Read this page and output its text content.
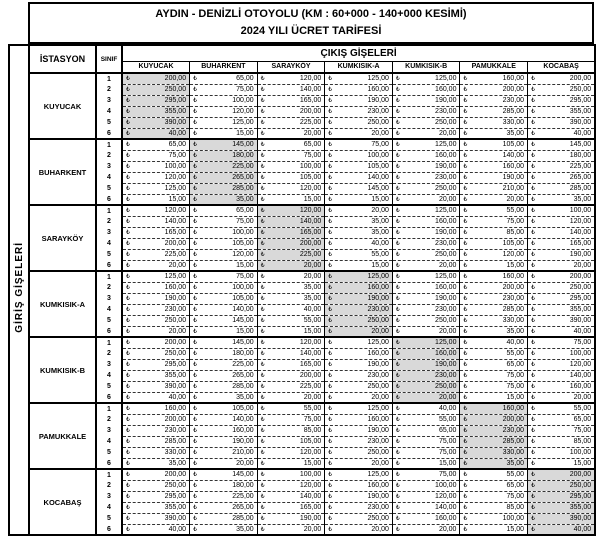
AYDIN - DENİZLİ OTOYOLU (KM : 60+000 - 140+000 KESİMİ)
2024 YILI ÜCRET TARİFESİ
GİRİŞ GİŞELERİ	İSTASYON	SINIF	ÇIKIŞ GİŞELERİ						
			KUYUCAK	BUHARKENT	SARAYKÖY	KUMKISIK-A	KUMKISIK-B	PAMUKKALE	KOCABAŞ
	KUYUCAK	1	₺ 200,00	₺ 65,00	₺ 120,00	₺ 125,00	₺ 125,00	₺ 160,00	₺ 200,00

		2	₺ 250,00	₺ 75,00	₺ 140,00	₺ 160,00	₺ 160,00	₺ 200,00	₺ 250,00

		3	₺ 295,00	₺ 100,00	₺ 165,00	₺ 190,00	₺ 190,00	₺ 230,00	₺ 295,00

		4	₺ 355,00	₺ 120,00	₺ 200,00	₺ 230,00	₺ 230,00	₺ 285,00	₺ 355,00

		5	₺ 390,00	₺ 125,00	₺ 225,00	₺ 250,00	₺ 250,00	₺ 330,00	₺ 390,00

		6	₺ 40,00	₺ 15,00	₺ 20,00	₺ 20,00	₺ 20,00	₺ 35,00	₺ 40,00

	BUHARKENT	1	₺ 65,00	₺ 145,00	₺ 65,00	₺ 75,00	₺ 125,00	₺ 105,00	₺ 145,00

		2	₺ 75,00	₺ 180,00	₺ 75,00	₺ 100,00	₺ 160,00	₺ 140,00	₺ 180,00

		3	₺ 100,00	₺ 225,00	₺ 100,00	₺ 105,00	₺ 190,00	₺ 160,00	₺ 225,00

		4	₺ 120,00	₺ 265,00	₺ 105,00	₺ 140,00	₺ 230,00	₺ 190,00	₺ 265,00

		5	₺ 125,00	₺ 285,00	₺ 120,00	₺ 145,00	₺ 250,00	₺ 210,00	₺ 285,00

		6	₺ 15,00	₺ 35,00	₺ 15,00	₺ 15,00	₺ 20,00	₺ 20,00	₺ 35,00

	SARAYKÖY	1	₺ 120,00	₺ 65,00	₺ 120,00	₺ 20,00	₺ 125,00	₺ 55,00	₺ 100,00

		2	₺ 140,00	₺ 75,00	₺ 140,00	₺ 35,00	₺ 160,00	₺ 75,00	₺ 120,00

		3	₺ 165,00	₺ 100,00	₺ 165,00	₺ 35,00	₺ 190,00	₺ 85,00	₺ 140,00

		4	₺ 200,00	₺ 105,00	₺ 200,00	₺ 40,00	₺ 230,00	₺ 105,00	₺ 165,00

		5	₺ 225,00	₺ 120,00	₺ 225,00	₺ 55,00	₺ 250,00	₺ 120,00	₺ 190,00

		6	₺ 20,00	₺ 15,00	₺ 20,00	₺ 15,00	₺ 20,00	₺ 15,00	₺ 20,00

	KUMKISIK-A	1	₺ 125,00	₺ 75,00	₺ 20,00	₺ 125,00	₺ 125,00	₺ 160,00	₺ 200,00

		2	₺ 160,00	₺ 100,00	₺ 35,00	₺ 160,00	₺ 160,00	₺ 200,00	₺ 250,00

		3	₺ 190,00	₺ 105,00	₺ 35,00	₺ 190,00	₺ 190,00	₺ 230,00	₺ 295,00

		4	₺ 230,00	₺ 140,00	₺ 40,00	₺ 230,00	₺ 230,00	₺ 285,00	₺ 355,00

		5	₺ 250,00	₺ 145,00	₺ 55,00	₺ 250,00	₺ 250,00	₺ 330,00	₺ 390,00

		6	₺ 20,00	₺ 15,00	₺ 15,00	₺ 20,00	₺ 20,00	₺ 35,00	₺ 40,00

	KUMKISIK-B	1	₺ 200,00	₺ 145,00	₺ 120,00	₺ 125,00	₺ 125,00	₺ 40,00	₺ 75,00

		2	₺ 250,00	₺ 180,00	₺ 140,00	₺ 160,00	₺ 160,00	₺ 55,00	₺ 100,00

		3	₺ 295,00	₺ 225,00	₺ 165,00	₺ 190,00	₺ 190,00	₺ 65,00	₺ 120,00

		4	₺ 355,00	₺ 265,00	₺ 200,00	₺ 230,00	₺ 230,00	₺ 75,00	₺ 140,00

		5	₺ 390,00	₺ 285,00	₺ 225,00	₺ 250,00	₺ 250,00	₺ 75,00	₺ 160,00

		6	₺ 40,00	₺ 35,00	₺ 20,00	₺ 20,00	₺ 20,00	₺ 15,00	₺ 20,00

	PAMUKKALE	1	₺ 160,00	₺ 105,00	₺ 55,00	₺ 125,00	₺ 40,00	₺ 160,00	₺ 55,00

		2	₺ 200,00	₺ 140,00	₺ 75,00	₺ 160,00	₺ 55,00	₺ 200,00	₺ 65,00

		3	₺ 230,00	₺ 160,00	₺ 85,00	₺ 190,00	₺ 65,00	₺ 230,00	₺ 75,00

		4	₺ 285,00	₺ 190,00	₺ 105,00	₺ 230,00	₺ 75,00	₺ 285,00	₺ 85,00

		5	₺ 330,00	₺ 210,00	₺ 120,00	₺ 250,00	₺ 75,00	₺ 330,00	₺ 100,00

		6	₺ 35,00	₺ 20,00	₺ 15,00	₺ 20,00	₺ 15,00	₺ 35,00	₺ 15,00

	KOCABAŞ	1	₺ 200,00	₺ 145,00	₺ 100,00	₺ 125,00	₺ 75,00	₺ 55,00	₺ 200,00

		2	₺ 250,00	₺ 180,00	₺ 120,00	₺ 160,00	₺ 100,00	₺ 65,00	₺ 250,00

		3	₺ 295,00	₺ 225,00	₺ 140,00	₺ 190,00	₺ 120,00	₺ 75,00	₺ 295,00

		4	₺ 355,00	₺ 265,00	₺ 165,00	₺ 230,00	₺ 140,00	₺ 85,00	₺ 355,00

		5	₺ 390,00	₺ 285,00	₺ 190,00	₺ 250,00	₺ 160,00	₺ 100,00	₺ 390,00

		6	₺ 40,00	₺ 35,00	₺ 20,00	₺ 20,00	₺ 20,00	₺ 15,00	₺ 40,00
